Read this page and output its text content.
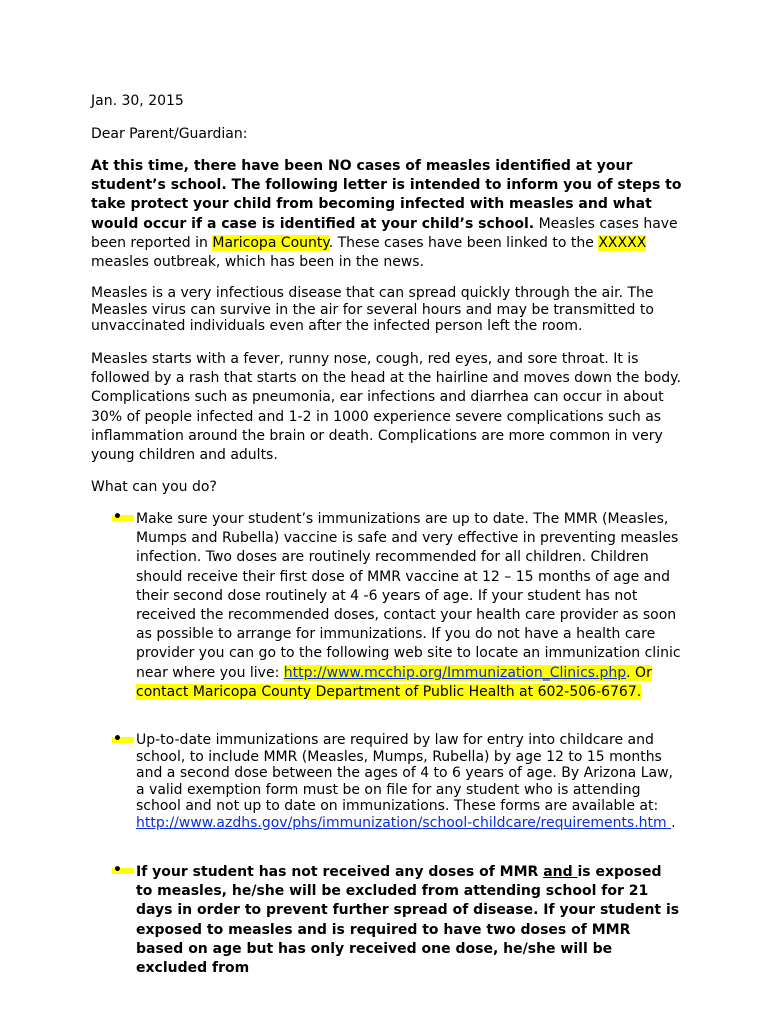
Jan. 30, 2015

Dear Parent/Guardian:

At this time, there have been NO cases of measles identified at your student’s school. The following letter is intended to inform you of steps to take protect your child from becoming infected with measles and what would occur if a case is identified at your child’s school. Measles cases have been reported in Maricopa County. These cases have been linked to the XXXXX measles outbreak, which has been in the news.

Measles is a very infectious disease that can spread quickly through the air. The Measles virus can survive in the air for several hours and may be transmitted to unvaccinated individuals even after the infected person left the room.

Measles starts with a fever, runny nose, cough, red eyes, and sore throat. It is followed by a rash that starts on the head at the hairline and moves down the body. Complications such as pneumonia, ear infections and diarrhea can occur in about 30% of people infected and 1-2 in 1000 experience severe complications such as inflammation around the brain or death. Complications are more common in very young children and adults.

What can you do?

• Make sure your student’s immunizations are up to date. The MMR (Measles, Mumps and Rubella) vaccine is safe and very effective in preventing measles infection. Two doses are routinely recommended for all children. Children should receive their first dose of MMR vaccine at 12 – 15 months of age and their second dose routinely at 4 -6 years of age. If your student has not received the recommended doses, contact your health care provider as soon as possible to arrange for immunizations. If you do not have a health care provider you can go to the following web site to locate an immunization clinic near where you live: http://www.mcchip.org/Immunization_Clinics.php. Or contact Maricopa County Department of Public Health at 602-506-6767.

• Up-to-date immunizations are required by law for entry into childcare and school, to include MMR (Measles, Mumps, Rubella) by age 12 to 15 months and a second dose between the ages of 4 to 6 years of age. By Arizona Law, a valid exemption form must be on file for any student who is attending school and not up to date on immunizations. These forms are available at: http://www.azdhs.gov/phs/immunization/school-childcare/requirements.htm .

• If your student has not received any doses of MMR and is exposed to measles, he/she will be excluded from attending school for 21 days in order to prevent further spread of disease. If your student is exposed to measles and is required to have two doses of MMR based on age but has only received one dose, he/she will be excluded from
